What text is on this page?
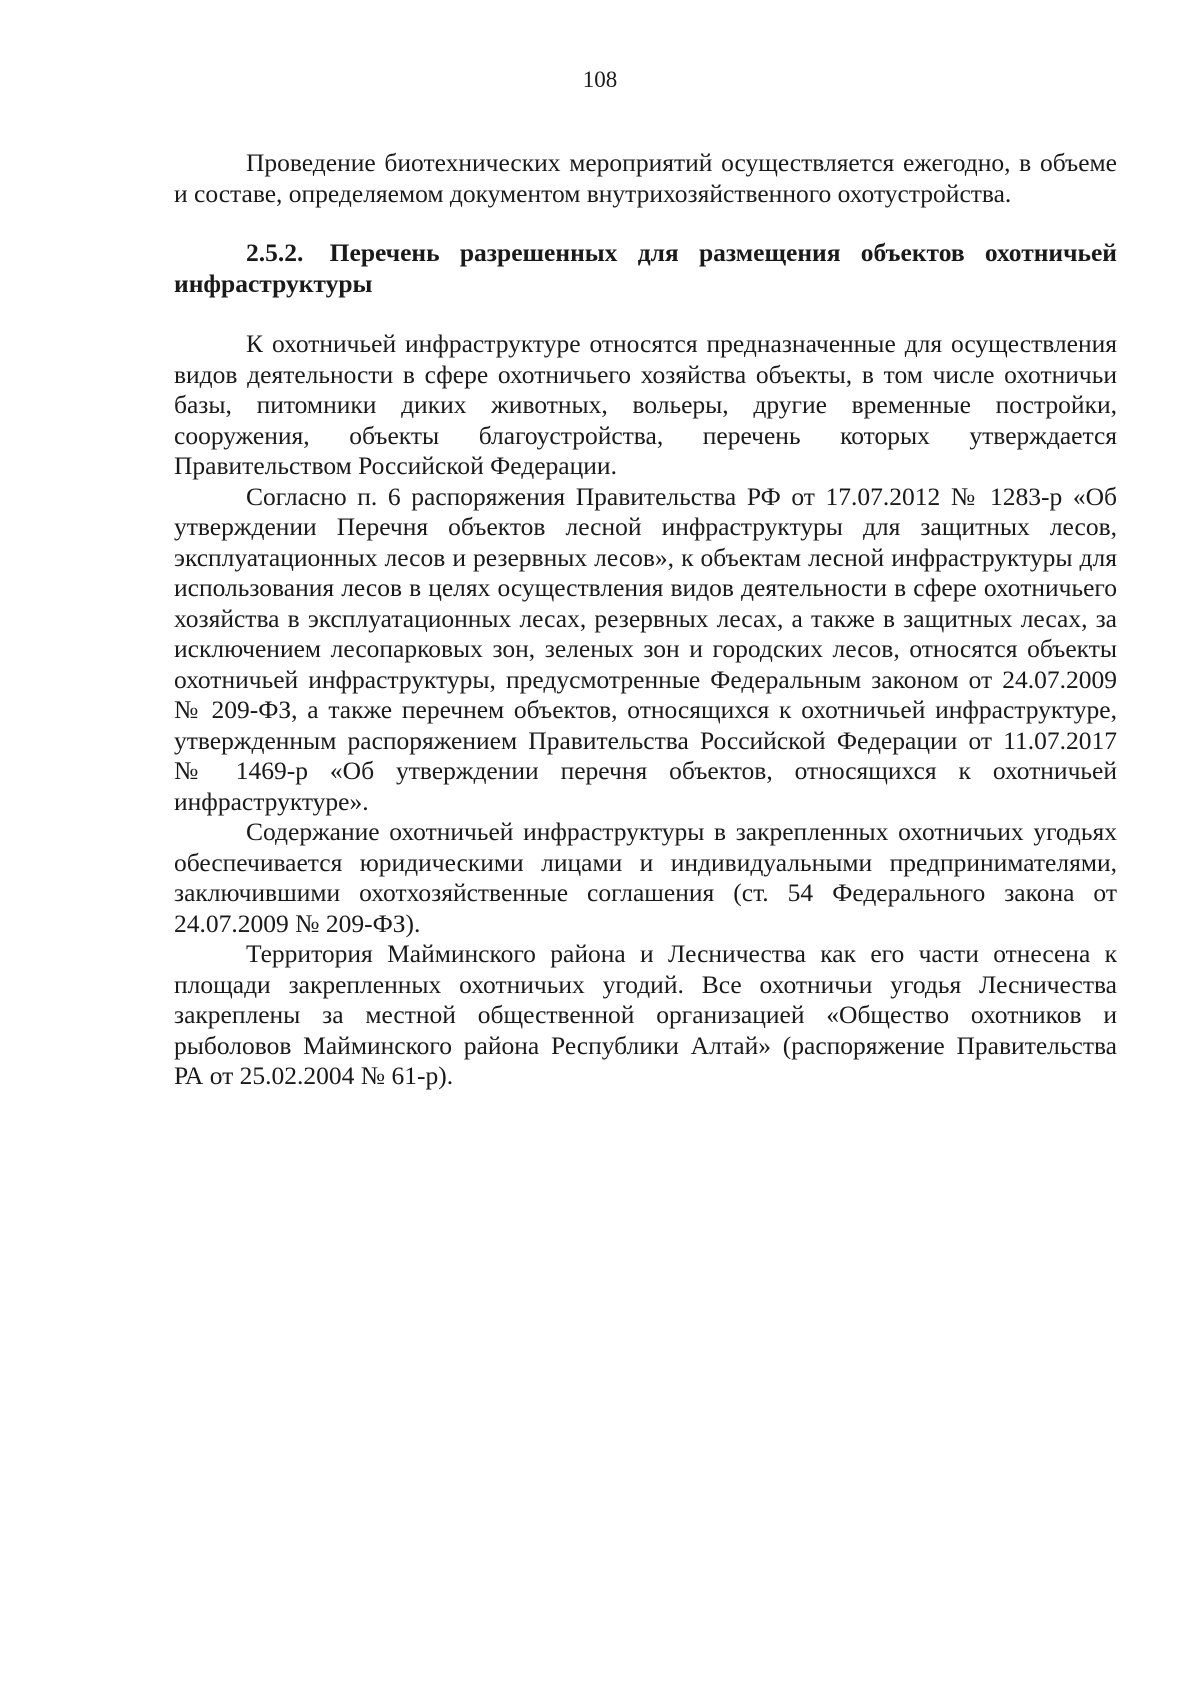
108

Проведение биотехнических мероприятий осуществляется ежегодно, в объеме и составе, определяемом документом внутрихозяйственного охотустройства.

2.5.2. Перечень разрешенных для размещения объектов охотничьей инфраструктуры

К охотничьей инфраструктуре относятся предназначенные для осуществления видов деятельности в сфере охотничьего хозяйства объекты, в том числе охотничьи базы, питомники диких животных, вольеры, другие временные постройки, сооружения, объекты благоустройства, перечень которых утверждается Правительством Российской Федерации.

Согласно п. 6 распоряжения Правительства РФ от 17.07.2012 № 1283-р «Об утверждении Перечня объектов лесной инфраструктуры для защитных лесов, эксплуатационных лесов и резервных лесов», к объектам лесной инфраструктуры для использования лесов в целях осуществления видов деятельности в сфере охотничьего хозяйства в эксплуатационных лесах, резервных лесах, а также в защитных лесах, за исключением лесопарковых зон, зеленых зон и городских лесов, относятся объекты охотничьей инфраструктуры, предусмотренные Федеральным законом от 24.07.2009 № 209-ФЗ, а также перечнем объектов, относящихся к охотничьей инфраструктуре, утвержденным распоряжением Правительства Российской Федерации от 11.07.2017 № 1469-р «Об утверждении перечня объектов, относящихся к охотничьей инфраструктуре».

Содержание охотничьей инфраструктуры в закрепленных охотничьих угодьях обеспечивается юридическими лицами и индивидуальными предпринимателями, заключившими охотхозяйственные соглашения (ст. 54 Федерального закона от 24.07.2009 № 209-ФЗ).

Территория Майминского района и Лесничества как его части отнесена к площади закрепленных охотничьих угодий. Все охотничьи угодья Лесничества закреплены за местной общественной организацией «Общество охотников и рыболовов Майминского района Республики Алтай» (распоряжение Правительства РА от 25.02.2004 № 61-р).
